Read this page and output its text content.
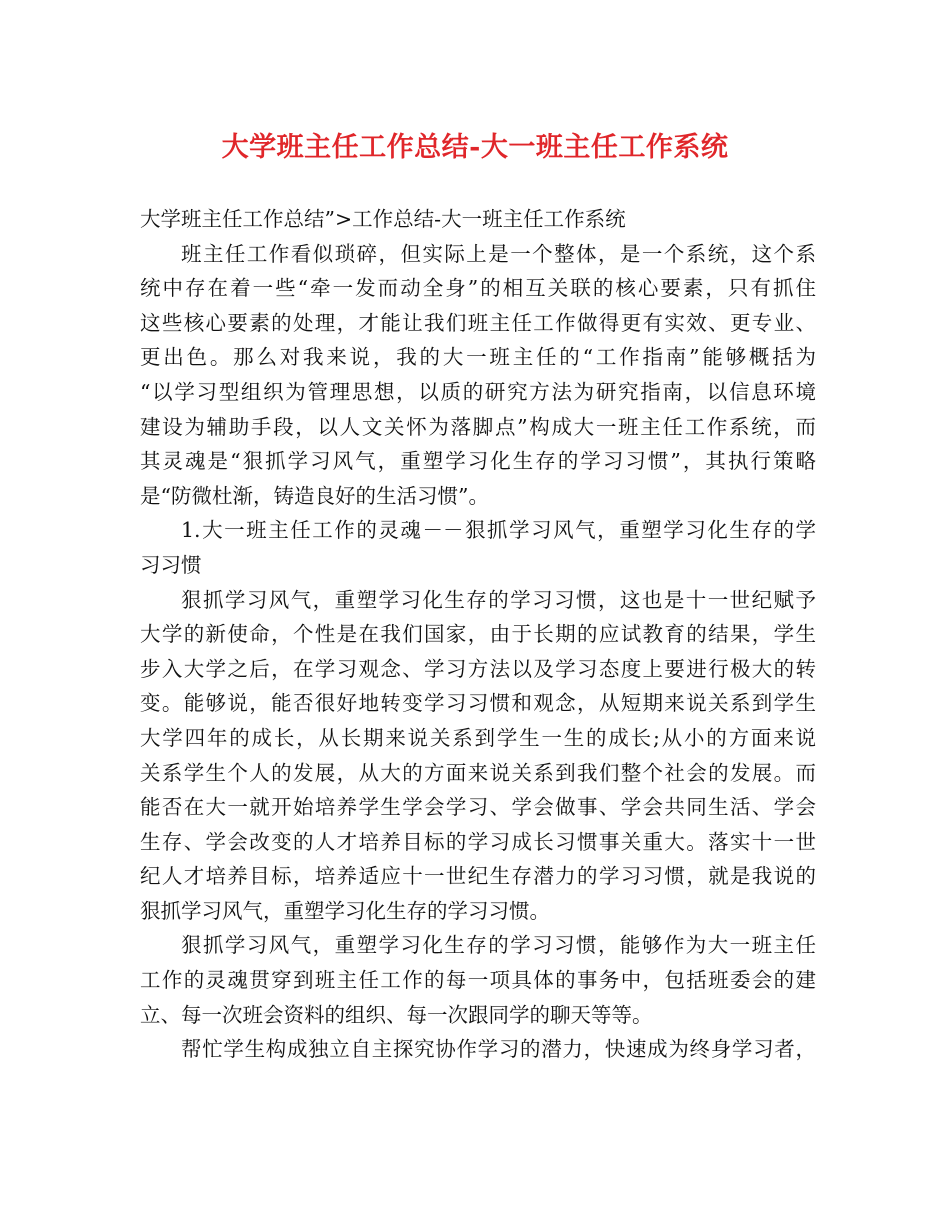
大学班主任工作总结-大一班主任工作系统
大学班主任工作总结”>工作总结-大一班主任工作系统
班主任工作看似琐碎，但实际上是一个整体，是一个系统，这个系
统中存在着一些“牵一发而动全身”的相互关联的核心要素，只有抓住
这些核心要素的处理，才能让我们班主任工作做得更有实效、更专业、
更出色。那么对我来说，我的大一班主任的“工作指南”能够概括为
“以学习型组织为管理思想，以质的研究方法为研究指南，以信息环境
建设为辅助手段，以人文关怀为落脚点”构成大一班主任工作系统，而
其灵魂是“狠抓学习风气，重塑学习化生存的学习习惯”，其执行策略
是“防微杜渐，铸造良好的生活习惯”。
1.大一班主任工作的灵魂－－狠抓学习风气，重塑学习化生存的学
习习惯
狠抓学习风气，重塑学习化生存的学习习惯，这也是十一世纪赋予
大学的新使命，个性是在我们国家，由于长期的应试教育的结果，学生
步入大学之后，在学习观念、学习方法以及学习态度上要进行极大的转
变。能够说，能否很好地转变学习习惯和观念，从短期来说关系到学生
大学四年的成长，从长期来说关系到学生一生的成长;从小的方面来说
关系学生个人的发展，从大的方面来说关系到我们整个社会的发展。而
能否在大一就开始培养学生学会学习、学会做事、学会共同生活、学会
生存、学会改变的人才培养目标的学习成长习惯事关重大。落实十一世
纪人才培养目标，培养适应十一世纪生存潜力的学习习惯，就是我说的
狠抓学习风气，重塑学习化生存的学习习惯。
狠抓学习风气，重塑学习化生存的学习习惯，能够作为大一班主任
工作的灵魂贯穿到班主任工作的每一项具体的事务中，包括班委会的建
立、每一次班会资料的组织、每一次跟同学的聊天等等。
帮忙学生构成独立自主探究协作学习的潜力，快速成为终身学习者，
